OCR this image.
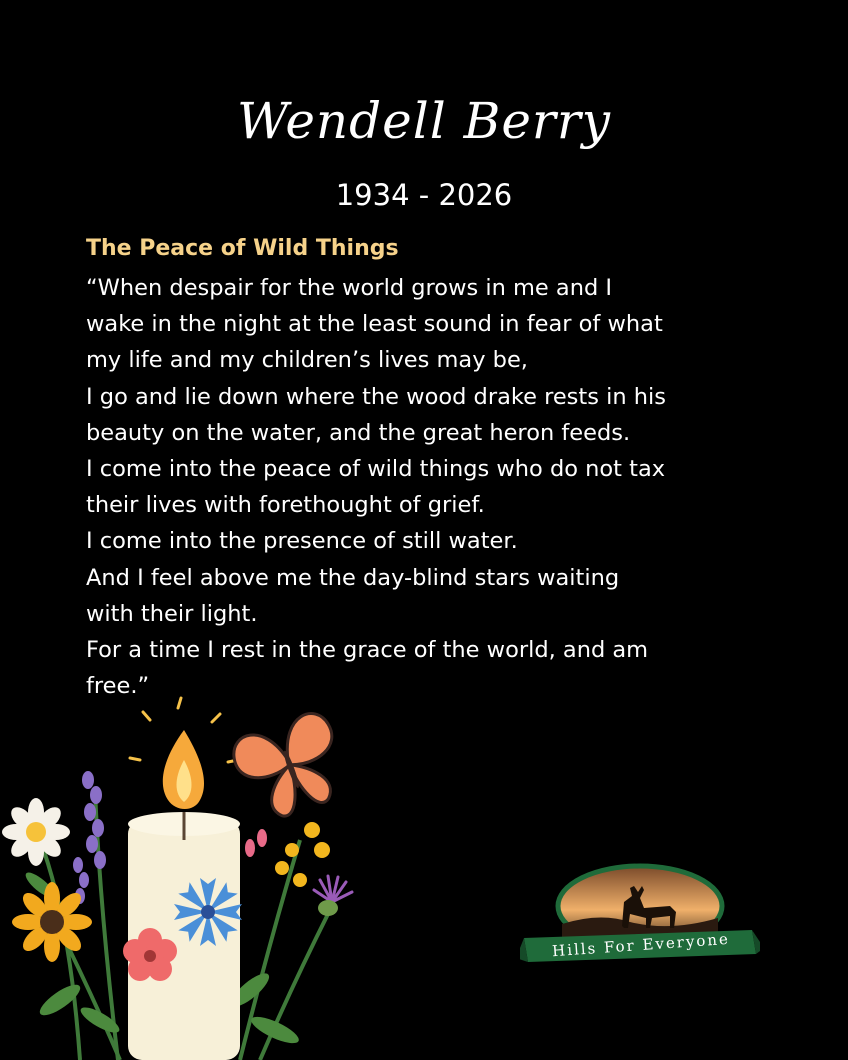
Wendell Berry
1934 - 2026
The Peace of Wild Things
“When despair for the world grows in me and I
wake in the night at the least sound in fear of what
my life and my children’s lives may be,
I go and lie down where the wood drake rests in his
beauty on the water, and the great heron feeds.
I come into the peace of wild things who do not tax
their lives with forethought of grief.
I come into the presence of still water.
And I feel above me the day-blind stars waiting
with their light.
For a time I rest in the grace of the world, and am
free.”
Hills For Everyone
